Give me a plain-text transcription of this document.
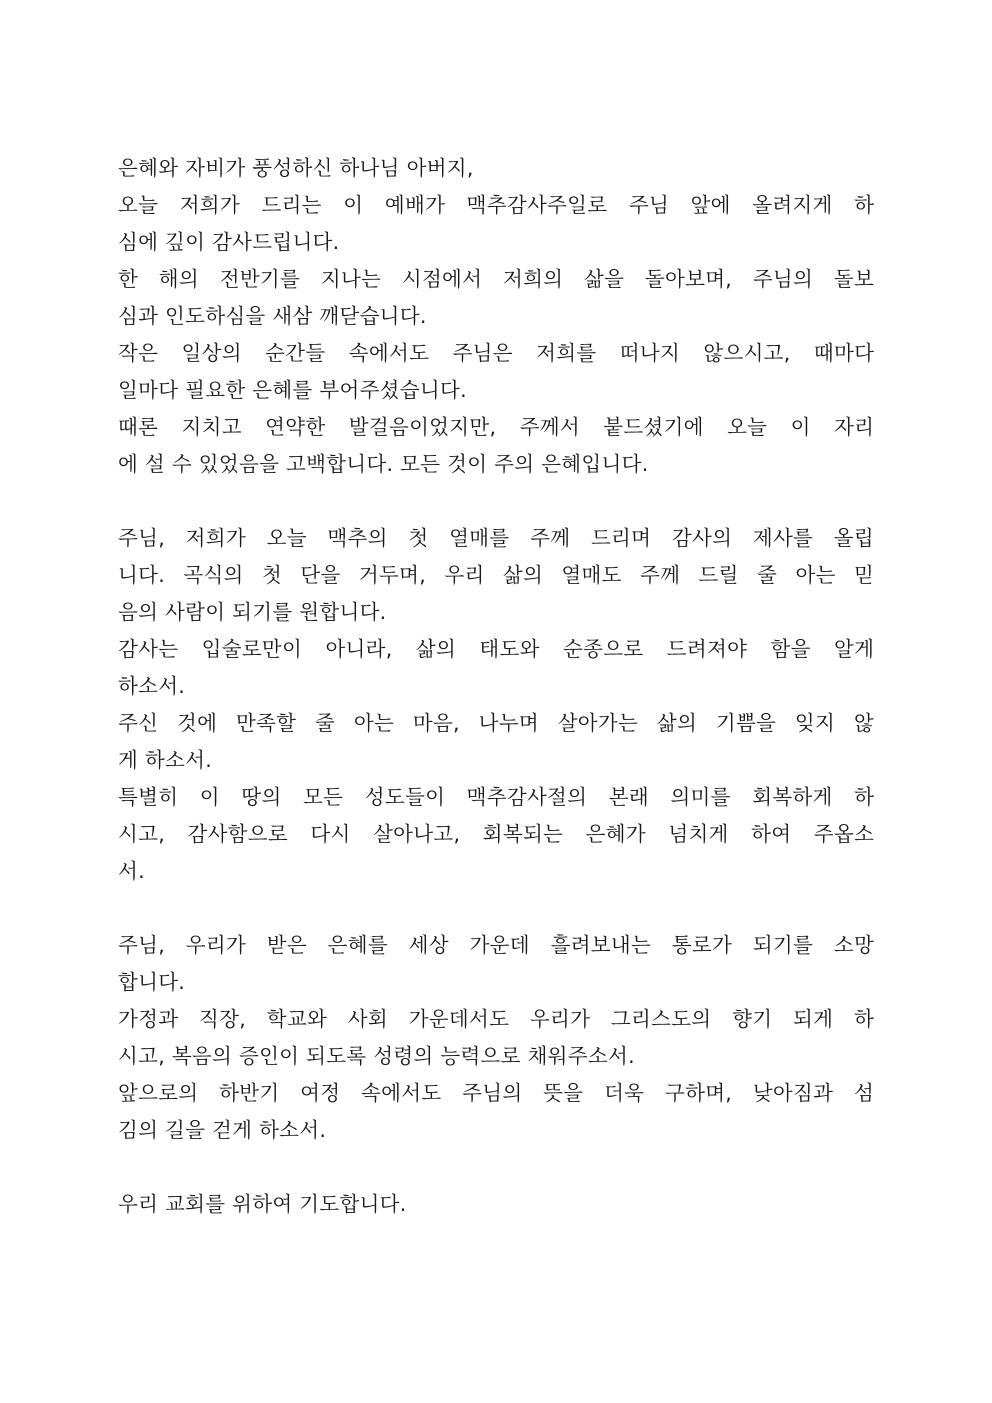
은혜와 자비가 풍성하신 하나님 아버지,
오늘 저희가 드리는 이 예배가 맥추감사주일로 주님 앞에 올려지게 하
심에 깊이 감사드립니다.
한 해의 전반기를 지나는 시점에서 저희의 삶을 돌아보며, 주님의 돌보
심과 인도하심을 새삼 깨닫습니다.
작은 일상의 순간들 속에서도 주님은 저희를 떠나지 않으시고, 때마다
일마다 필요한 은혜를 부어주셨습니다.
때론 지치고 연약한 발걸음이었지만, 주께서 붙드셨기에 오늘 이 자리
에 설 수 있었음을 고백합니다. 모든 것이 주의 은혜입니다.
주님, 저희가 오늘 맥추의 첫 열매를 주께 드리며 감사의 제사를 올립
니다. 곡식의 첫 단을 거두며, 우리 삶의 열매도 주께 드릴 줄 아는 믿
음의 사람이 되기를 원합니다.
감사는 입술로만이 아니라, 삶의 태도와 순종으로 드려져야 함을 알게
하소서.
주신 것에 만족할 줄 아는 마음, 나누며 살아가는 삶의 기쁨을 잊지 않
게 하소서.
특별히 이 땅의 모든 성도들이 맥추감사절의 본래 의미를 회복하게 하
시고, 감사함으로 다시 살아나고, 회복되는 은혜가 넘치게 하여 주옵소
서.
주님, 우리가 받은 은혜를 세상 가운데 흘려보내는 통로가 되기를 소망
합니다.
가정과 직장, 학교와 사회 가운데서도 우리가 그리스도의 향기 되게 하
시고, 복음의 증인이 되도록 성령의 능력으로 채워주소서.
앞으로의 하반기 여정 속에서도 주님의 뜻을 더욱 구하며, 낮아짐과 섬
김의 길을 걷게 하소서.
우리 교회를 위하여 기도합니다.
